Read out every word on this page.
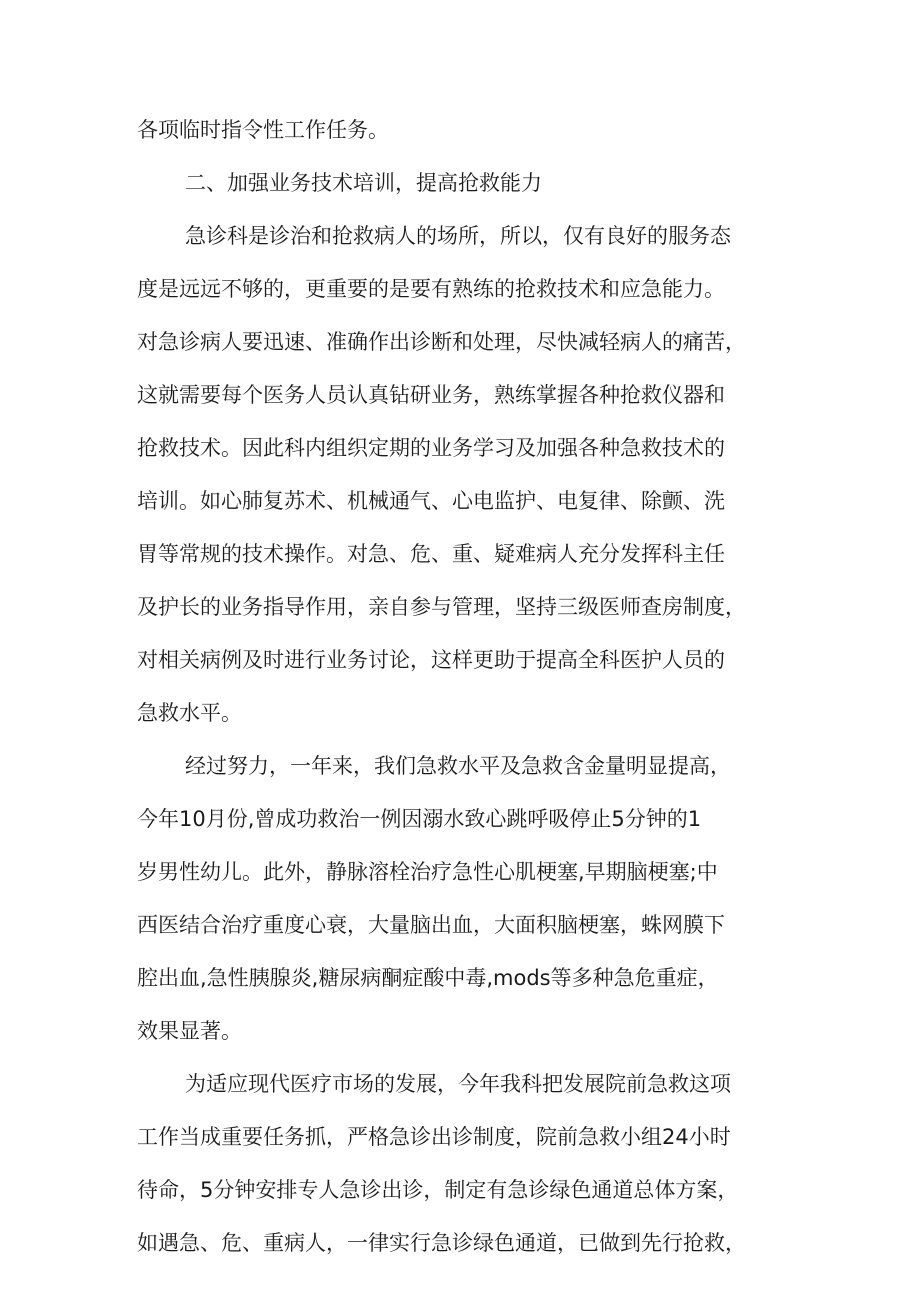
各项临时指令性工作任务。
二、加强业务技术培训，提高抢救能力
急诊科是诊治和抢救病人的场所，所以，仅有良好的服务态
度是远远不够的，更重要的是要有熟练的抢救技术和应急能力。
对急诊病人要迅速、准确作出诊断和处理，尽快减轻病人的痛苦，
这就需要每个医务人员认真钻研业务，熟练掌握各种抢救仪器和
抢救技术。因此科内组织定期的业务学习及加强各种急救技术的
培训。如心肺复苏术、机械通气、心电监护、电复律、除颤、洗
胃等常规的技术操作。对急、危、重、疑难病人充分发挥科主任
及护长的业务指导作用，亲自参与管理，坚持三级医师查房制度，
对相关病例及时进行业务讨论，这样更助于提高全科医护人员的
急救水平。
经过努力，一年来，我们急救水平及急救含金量明显提高，
今年10月份,曾成功救治一例因溺水致心跳呼吸停止5分钟的1
岁男性幼儿。此外，静脉溶栓治疗急性心肌梗塞,早期脑梗塞;中
西医结合治疗重度心衰，大量脑出血，大面积脑梗塞，蛛网膜下
腔出血,急性胰腺炎,糖尿病酮症酸中毒,mods等多种急危重症，
效果显著。
为适应现代医疗市场的发展，今年我科把发展院前急救这项
工作当成重要任务抓，严格急诊出诊制度，院前急救小组24小时
待命，5分钟安排专人急诊出诊，制定有急诊绿色通道总体方案，
如遇急、危、重病人，一律实行急诊绿色通道，已做到先行抢救，
